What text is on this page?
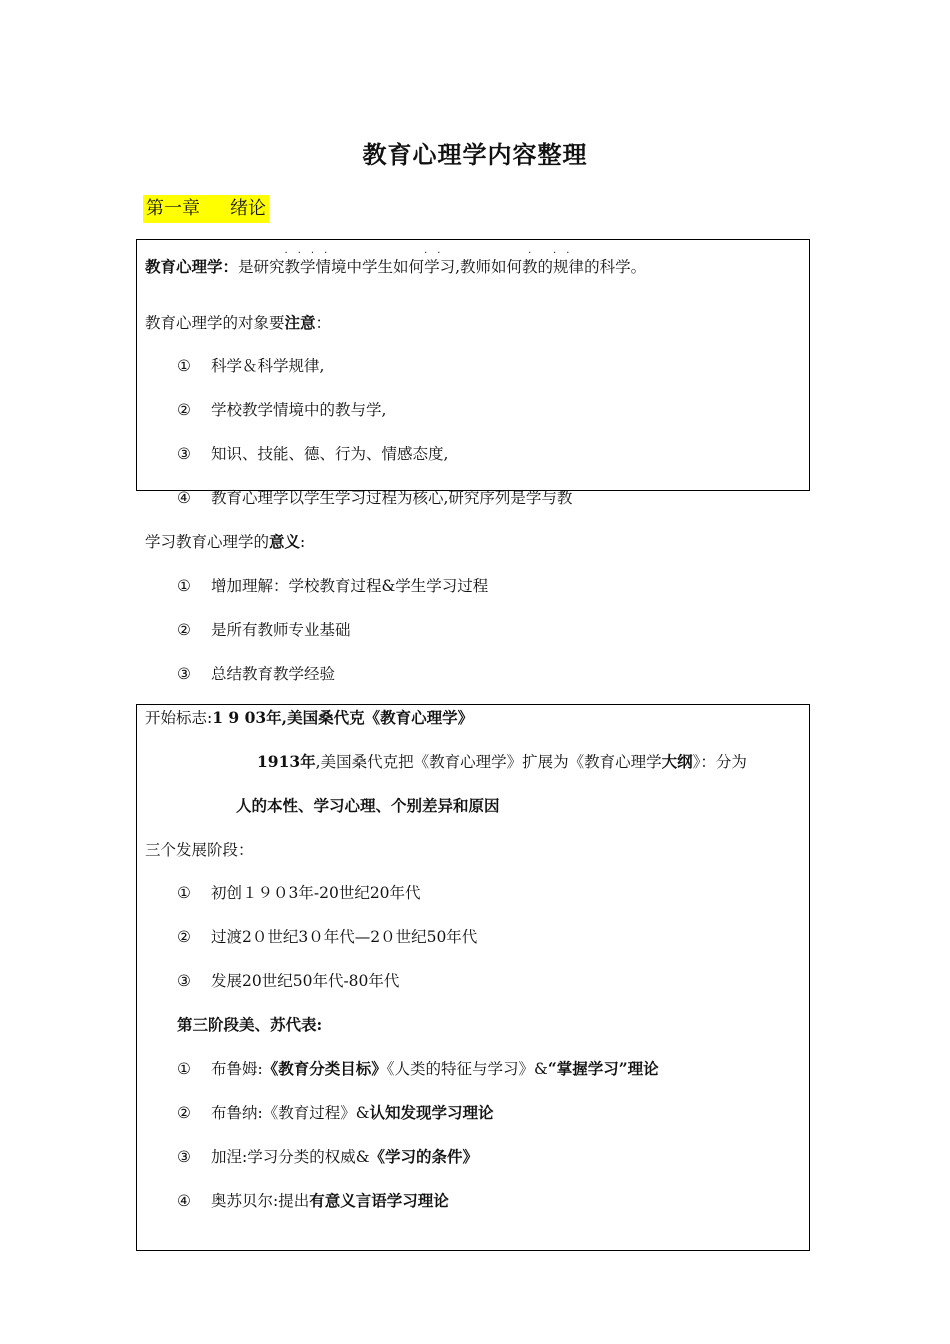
教育心理学内容整理
第一章 绪论
教育心理学：是研究教学情境
····
中学生如何学习
··
,教师如何教
·
的规律
··
的科学。
教育心理学的对象要注意：
① 科学＆科学规律,
② 学校教学情境中的教与学,
③ 知识、技能、德、行为、情感态度,
④ 教育心理学以学生学习过程为核心,研究序列是学与教
学习教育心理学的意义:
① 增加理解：学校教育过程&学生学习过程
② 是所有教师专业基础
③ 总结教育教学经验
开始标志:1 9 03年,美国桑代克《教育心理学》
1913年,美国桑代克把《教育心理学》扩展为《教育心理学大纲》：分为
人的本性、学习心理、个别差异和原因
三个发展阶段：
① 初创１９０3年-20世纪20年代
② 过渡2０世纪3０年代—2０世纪50年代
③ 发展20世纪50年代-80年代
第三阶段美、苏代表:
① 布鲁姆:《教育分类目标》《人类的特征与学习》&“掌握学习”理论
② 布鲁纳:《教育过程》&认知发现学习理论
③ 加涅:学习分类的权威&《学习的条件》
④ 奥苏贝尔:提出有意义言语学习理论
